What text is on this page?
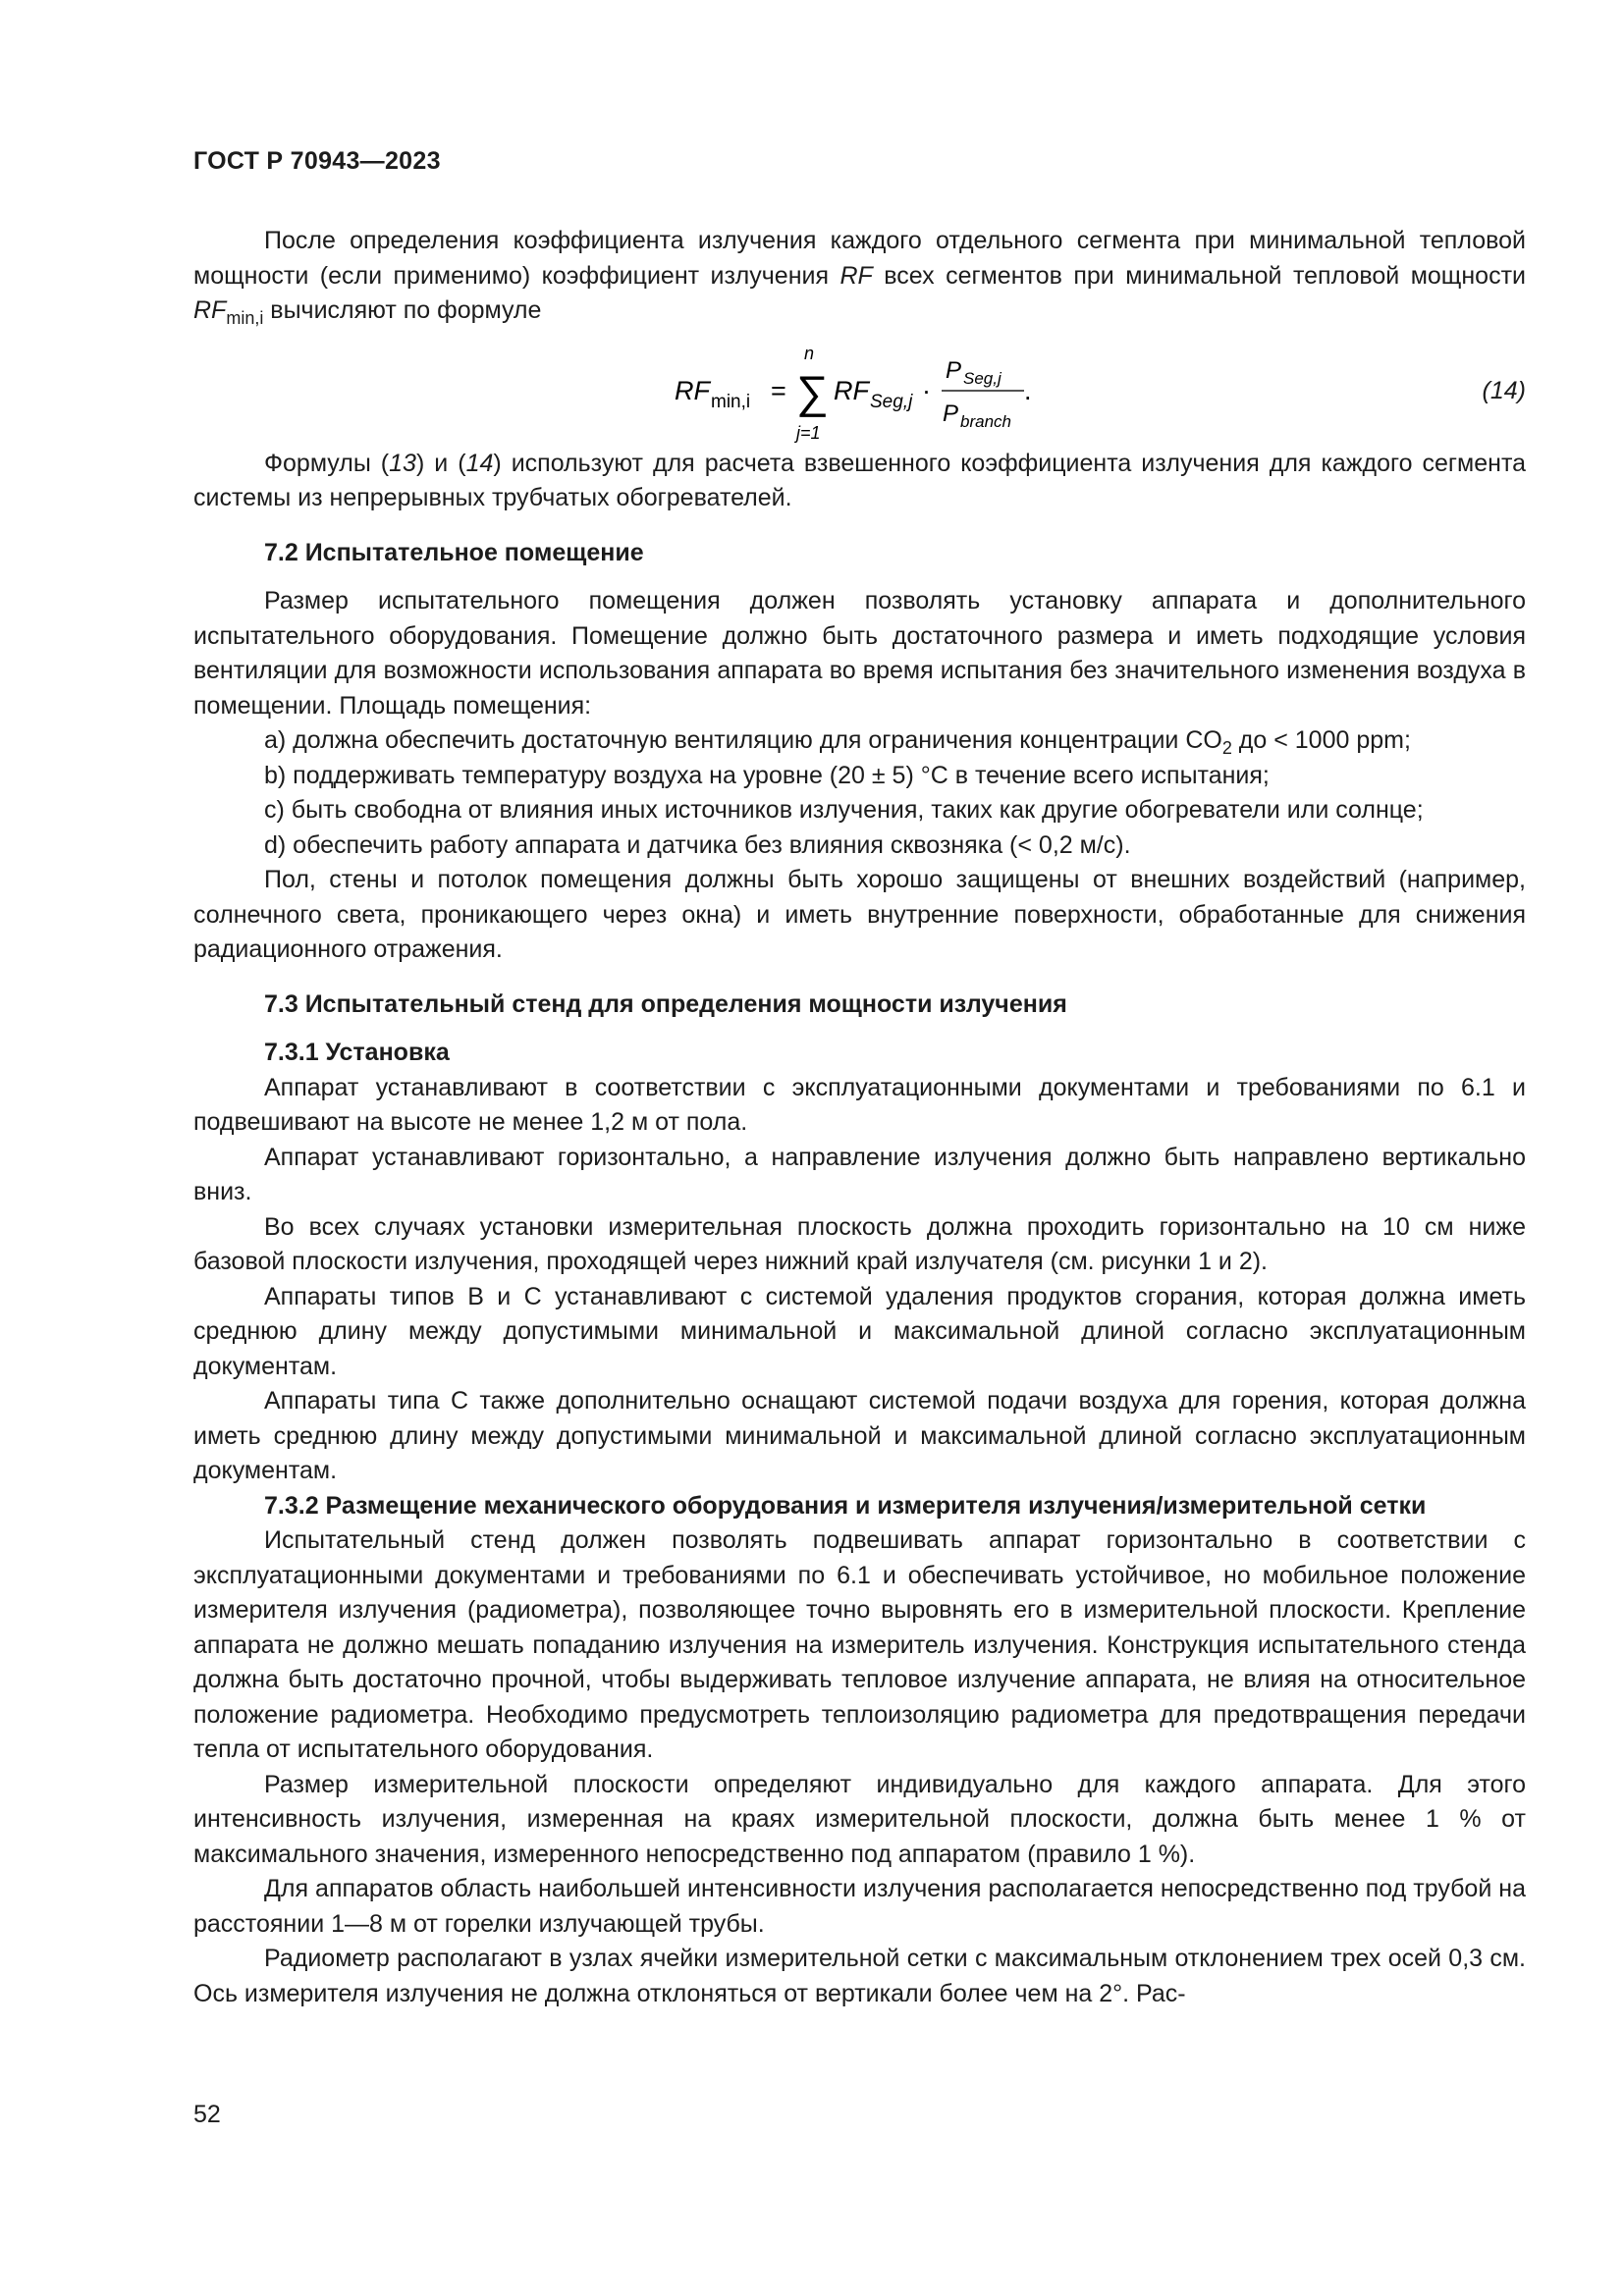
ГОСТ Р 70943—2023

После определения коэффициента излучения каждого отдельного сегмента при минимальной тепловой мощности (если применимо) коэффициент излучения RF всех сегментов при минимальной тепловой мощности $RF_{min,i}$ вычисляют по формуле

RF min,i =
n
∑
j=1
RF Seg,j ·
P Seg,j
P branch
.	(14)

Формулы (13) и (14) используют для расчета взвешенного коэффициента излучения для каждого сегмента системы из непрерывных трубчатых обогревателей.

7.2 Испытательное помещение

Размер испытательного помещения должен позволять установку аппарата и дополнительного испытательного оборудования. Помещение должно быть достаточного размера и иметь подходящие условия вентиляции для возможности использования аппарата во время испытания без значительного изменения воздуха в помещении. Площадь помещения:

a) должна обеспечить достаточную вентиляцию для ограничения концентрации $CO_2$ до < 1000 ppm;

b) поддерживать температуру воздуха на уровне (20 ± 5) °С в течение всего испытания;

c) быть свободна от влияния иных источников излучения, таких как другие обогреватели или солнце;

d) обеспечить работу аппарата и датчика без влияния сквозняка (< 0,2 м/с).

Пол, стены и потолок помещения должны быть хорошо защищены от внешних воздействий (например, солнечного света, проникающего через окна) и иметь внутренние поверхности, обработанные для снижения радиационного отражения.

7.3 Испытательный стенд для определения мощности излучения
7.3.1 Установка

Аппарат устанавливают в соответствии с эксплуатационными документами и требованиями по 6.1 и подвешивают на высоте не менее 1,2 м от пола.

Аппарат устанавливают горизонтально, а направление излучения должно быть направлено вертикально вниз.

Во всех случаях установки измерительная плоскость должна проходить горизонтально на 10 см ниже базовой плоскости излучения, проходящей через нижний край излучателя (см. рисунки 1 и 2).

Аппараты типов В и С устанавливают с системой удаления продуктов сгорания, которая должна иметь среднюю длину между допустимыми минимальной и максимальной длиной согласно эксплуатационным документам.

Аппараты типа С также дополнительно оснащают системой подачи воздуха для горения, которая должна иметь среднюю длину между допустимыми минимальной и максимальной длиной согласно эксплуатационным документам.

7.3.2 Размещение механического оборудования и измерителя излучения/измерительной сетки

Испытательный стенд должен позволять подвешивать аппарат горизонтально в соответствии с эксплуатационными документами и требованиями по 6.1 и обеспечивать устойчивое, но мобильное положение измерителя излучения (радиометра), позволяющее точно выровнять его в измерительной плоскости. Крепление аппарата не должно мешать попаданию излучения на измеритель излучения. Конструкция испытательного стенда должна быть достаточно прочной, чтобы выдерживать тепловое излучение аппарата, не влияя на относительное положение радиометра. Необходимо предусмотреть теплоизоляцию радиометра для предотвращения передачи тепла от испытательного оборудования.

Размер измерительной плоскости определяют индивидуально для каждого аппарата. Для этого интенсивность излучения, измеренная на краях измерительной плоскости, должна быть менее 1 % от максимального значения, измеренного непосредственно под аппаратом (правило 1 %).

Для аппаратов область наибольшей интенсивности излучения располагается непосредственно под трубой на расстоянии 1—8 м от горелки излучающей трубы.

Радиометр располагают в узлах ячейки измерительной сетки с максимальным отклонением трех осей 0,3 см. Ось измерителя излучения не должна отклоняться от вертикали более чем на 2°. Рас-

52
